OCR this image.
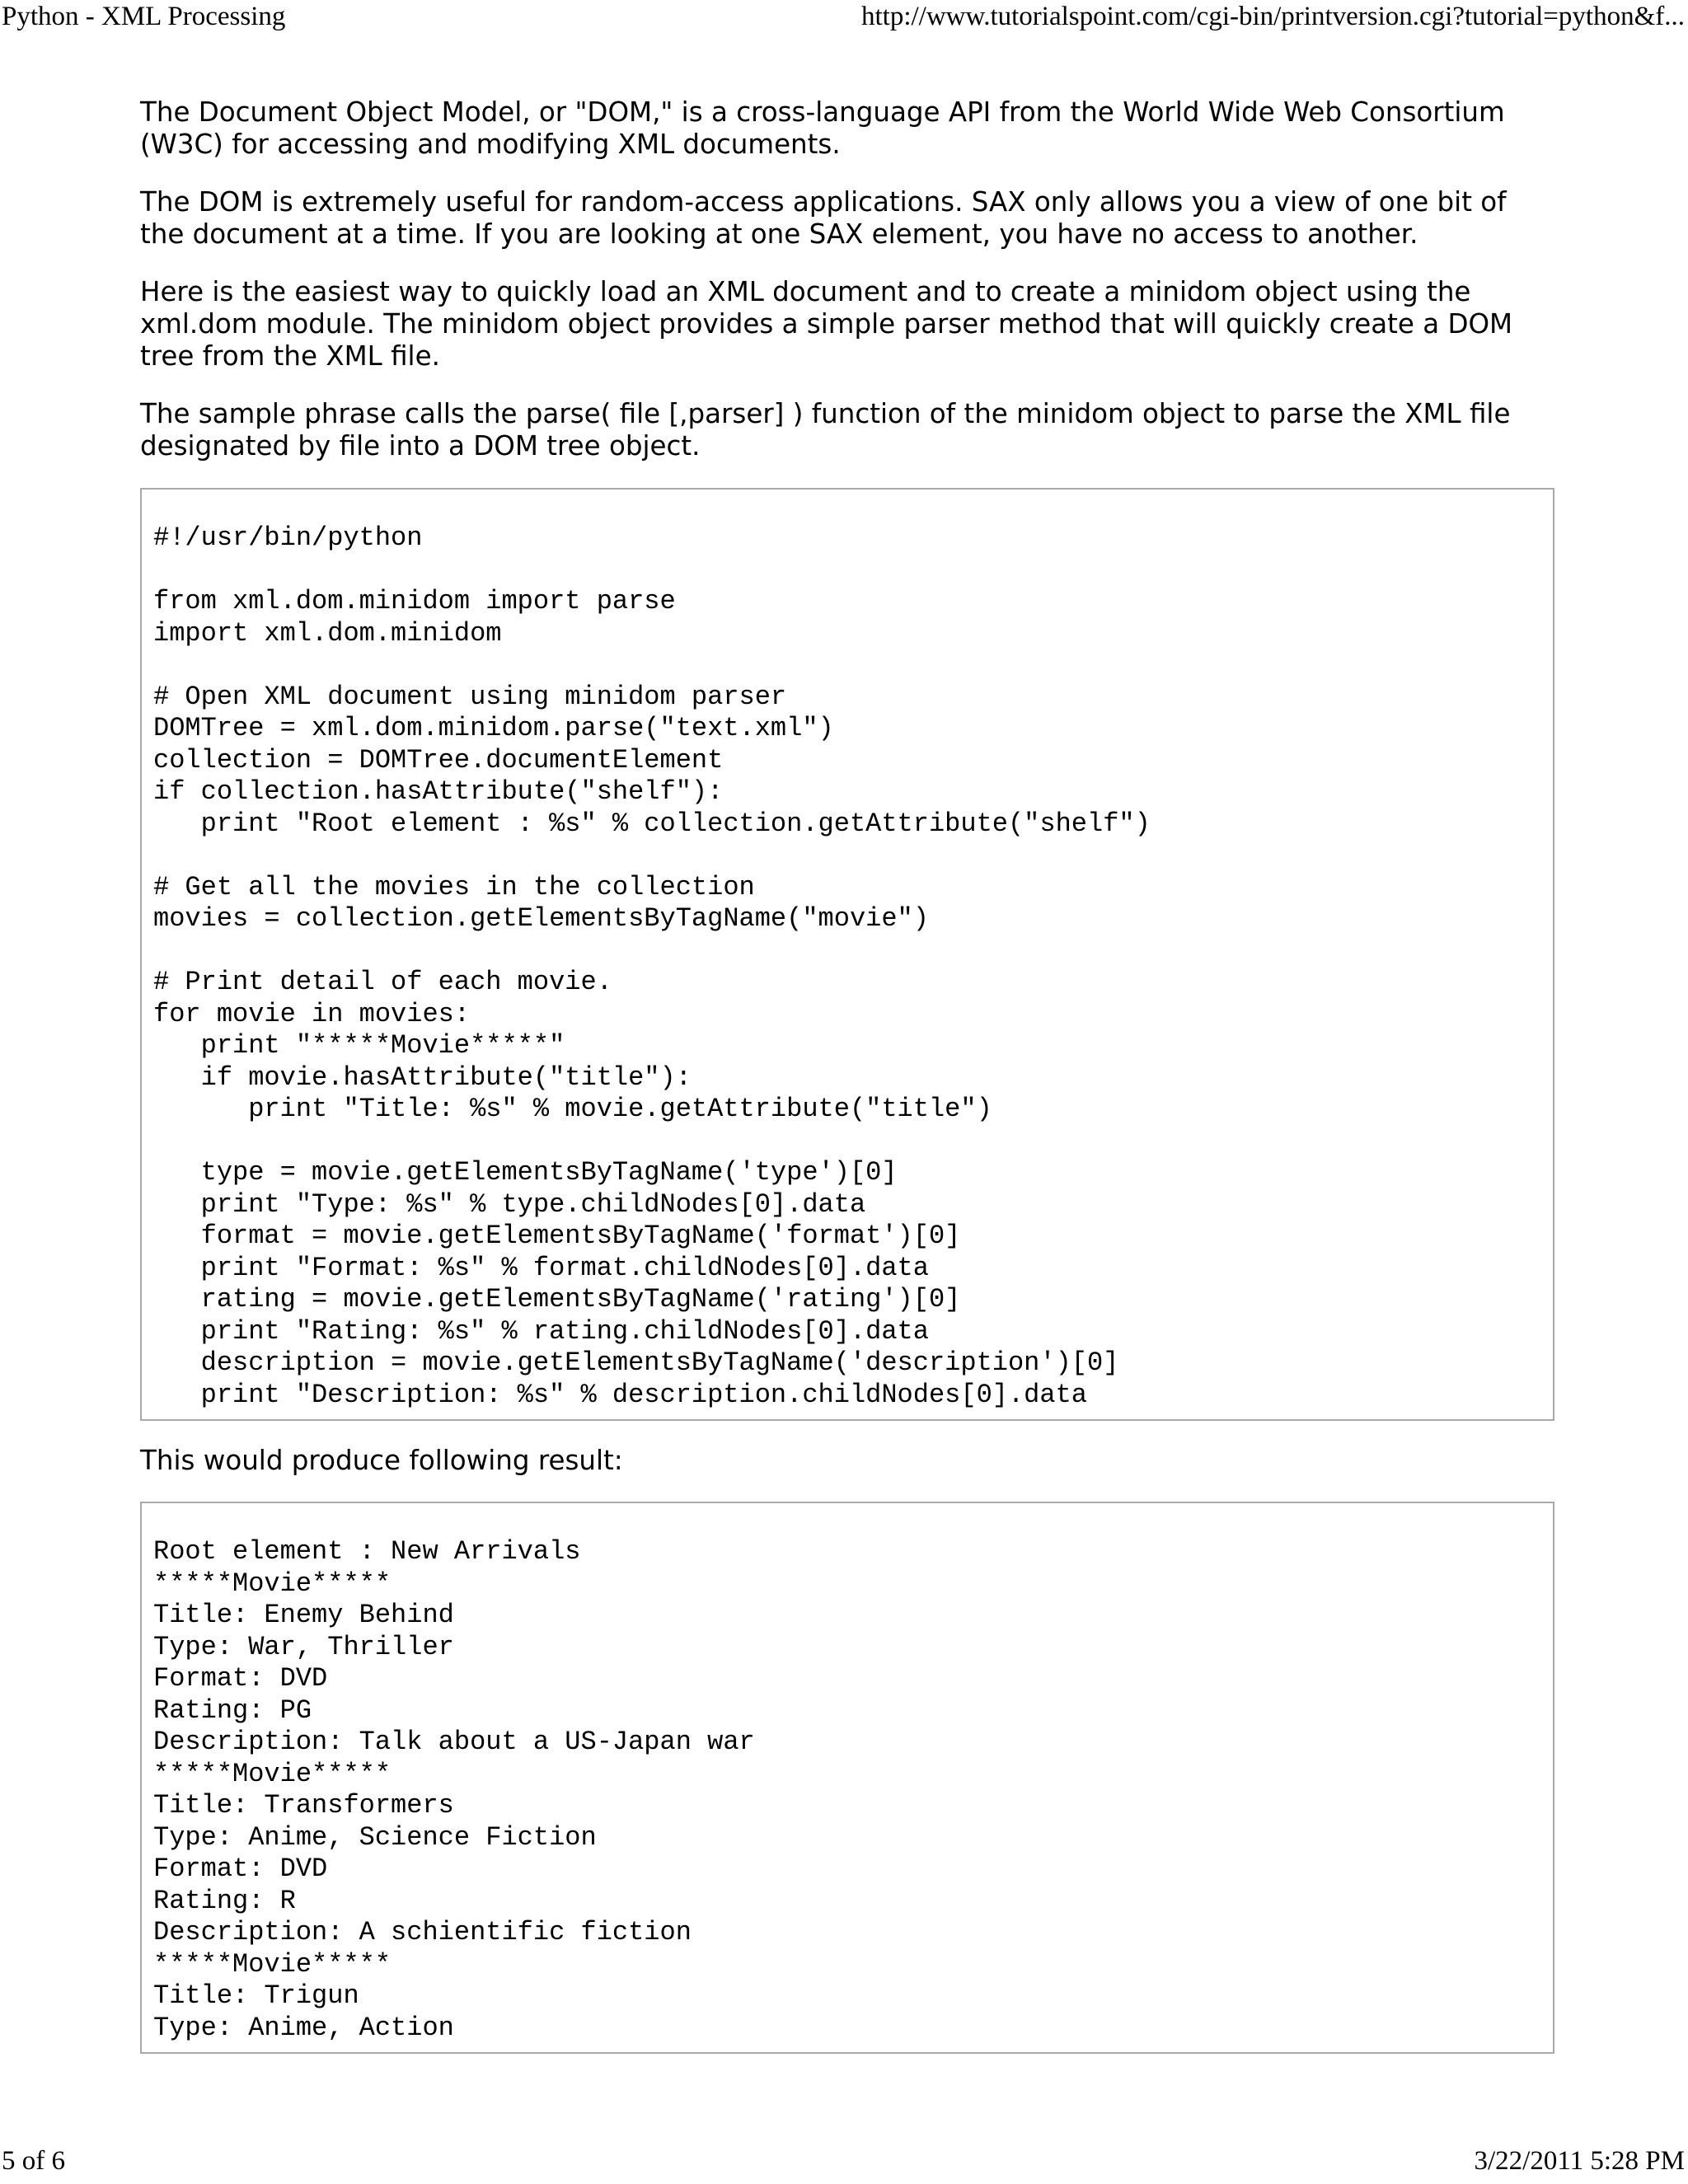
Python - XML Processing	http://www.tutorialspoint.com/cgi-bin/printversion.cgi?tutorial=python&f...

The Document Object Model, or "DOM," is a cross-language API from the World Wide Web Consortium
(W3C) for accessing and modifying XML documents.

The DOM is extremely useful for random-access applications. SAX only allows you a view of one bit of
the document at a time. If you are looking at one SAX element, you have no access to another.

Here is the easiest way to quickly load an XML document and to create a minidom object using the
xml.dom module. The minidom object provides a simple parser method that will quickly create a DOM
tree from the XML file.

The sample phrase calls the parse( file [,parser] ) function of the minidom object to parse the XML file
designated by file into a DOM tree object.

#!/usr/bin/python

from xml.dom.minidom import parse
import xml.dom.minidom

# Open XML document using minidom parser
DOMTree = xml.dom.minidom.parse("text.xml")
collection = DOMTree.documentElement
if collection.hasAttribute("shelf"):
print "Root element : %s" % collection.getAttribute("shelf")

# Get all the movies in the collection
movies = collection.getElementsByTagName("movie")

# Print detail of each movie.
for movie in movies:
print "*****Movie*****"
if movie.hasAttribute("title"):
print "Title: %s" % movie.getAttribute("title")

type = movie.getElementsByTagName('type')[0]
print "Type: %s" % type.childNodes[0].data
format = movie.getElementsByTagName('format')[0]
print "Format: %s" % format.childNodes[0].data
rating = movie.getElementsByTagName('rating')[0]
print "Rating: %s" % rating.childNodes[0].data
description = movie.getElementsByTagName('description')[0]
print "Description: %s" % description.childNodes[0].data

This would produce following result:

Root element : New Arrivals
*****Movie*****
Title: Enemy Behind
Type: War, Thriller
Format: DVD
Rating: PG
Description: Talk about a US-Japan war
*****Movie*****
Title: Transformers
Type: Anime, Science Fiction
Format: DVD
Rating: R
Description: A schientific fiction
*****Movie*****
Title: Trigun
Type: Anime, Action
5 of 6	3/22/2011 5:28 PM
